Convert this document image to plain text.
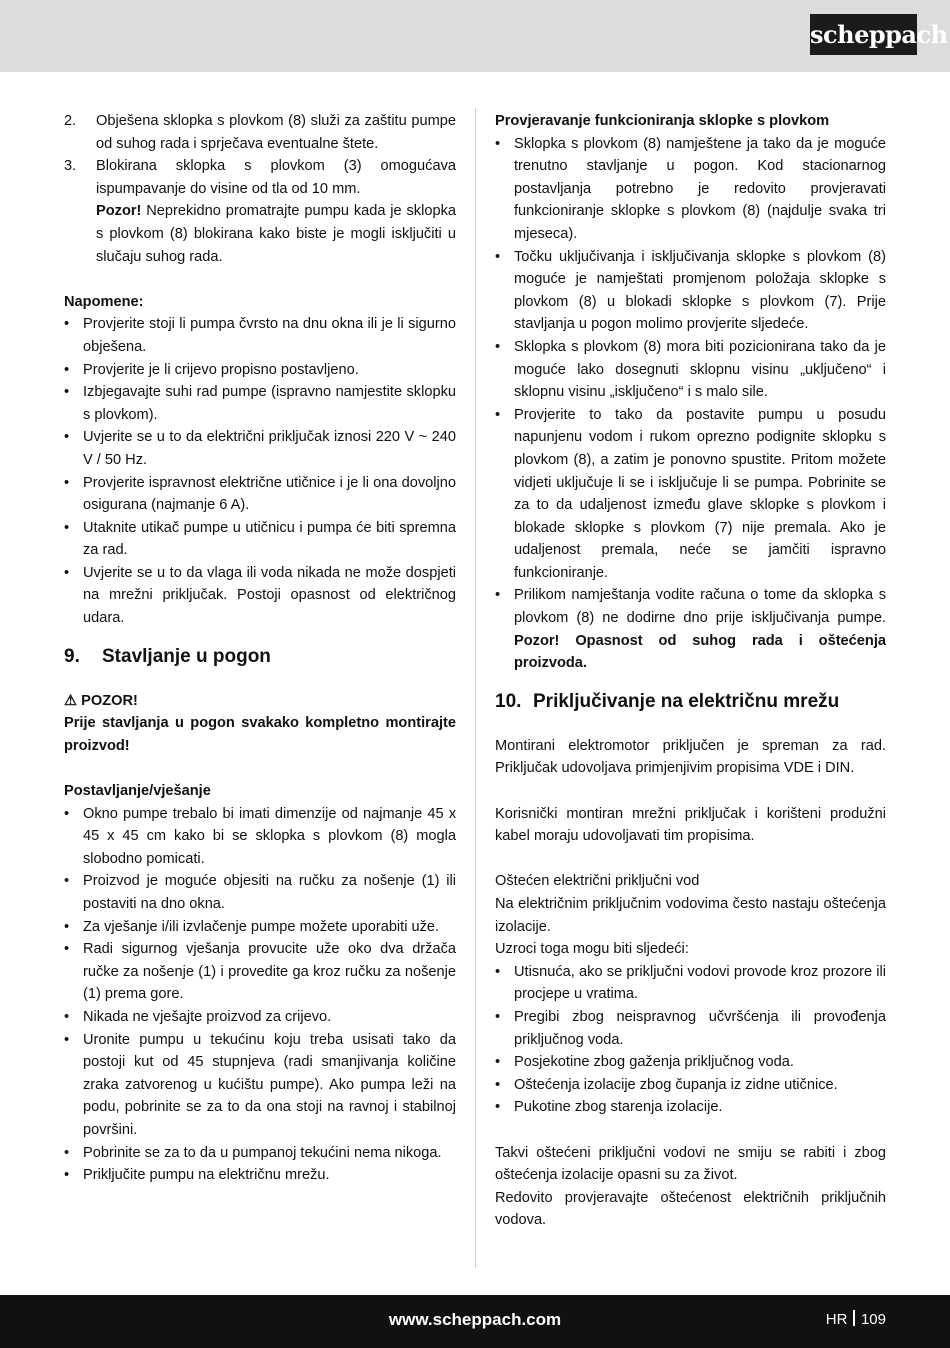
scheppach
2.	Obješena sklopka s plovkom (8) služi za zaštitu pumpe od suhog rada i sprječava eventualne štete.
3.	Blokirana sklopka s plovkom (3) omogućava ispumpavanje do visine od tla od 10 mm.
Pozor! Neprekidno promatrajte pumpu kada je sklopka s plovkom (8) blokirana kako biste je mogli isključiti u slučaju suhog rada.

Napomene:

• Provjerite stoji li pumpa čvrsto na dnu okna ili je li sigurno obješena.
• Provjerite je li crijevo propisno postavljeno.
• Izbjegavajte suhi rad pumpe (ispravno namjestite sklopku s plovkom).
• Uvjerite se u to da električni priključak iznosi 220 V ~ 240 V / 50 Hz.
• Provjerite ispravnost električne utičnice i je li ona dovoljno osigurana (najmanje 6 A).
• Utaknite utikač pumpe u utičnicu i pumpa će biti spremna za rad.
• Uvjerite se u to da vlaga ili voda nikada ne može dospjeti na mrežni priključak. Postoji opasnost od električnog udara.
9.	Stavljanje u pogon

⚠ POZOR!

Prije stavljanja u pogon svakako kompletno montirajte proizvod!

Postavljanje/vješanje

• Okno pumpe trebalo bi imati dimenzije od najmanje 45 x 45 x 45 cm kako bi se sklopka s plovkom (8) mogla slobodno pomicati.
• Proizvod je moguće objesiti na ručku za nošenje (1) ili postaviti na dno okna.
• Za vješanje i/ili izvlačenje pumpe možete uporabiti uže.
• Radi sigurnog vješanja provucite uže oko dva držača ručke za nošenje (1) i provedite ga kroz ručku za nošenje (1) prema gore.
• Nikada ne vješajte proizvod za crijevo.
• Uronite pumpu u tekućinu koju treba usisati tako da postoji kut od 45 stupnjeva (radi smanjivanja količine zraka zatvorenog u kućištu pumpe). Ako pumpa leži na podu, pobrinite se za to da ona stoji na ravnoj i stabilnoj površini.
• Pobrinite se za to da u pumpanoj tekućini nema nikoga.
• Priključite pumpu na električnu mrežu.

Provjeravanje funkcioniranja sklopke s plovkom

• Sklopka s plovkom (8) namještene ja tako da je moguće trenutno stavljanje u pogon. Kod stacionarnog postavljanja potrebno je redovito provjeravati funkcioniranje sklopke s plovkom (8) (najdulje svaka tri mjeseca).
• Točku uključivanja i isključivanja sklopke s plovkom (8) moguće je namještati promjenom položaja sklopke s plovkom (8) u blokadi sklopke s plovkom (7). Prije stavljanja u pogon molimo provjerite sljedeće.
• Sklopka s plovkom (8) mora biti pozicionirana tako da je moguće lako dosegnuti sklopnu visinu „uključeno“ i sklopnu visinu „isključeno“ i s malo sile.
• Provjerite to tako da postavite pumpu u posudu napunjenu vodom i rukom oprezno podignite sklopku s plovkom (8), a zatim je ponovno spustite. Pritom možete vidjeti uključuje li se i isključuje li se pumpa. Pobrinite se za to da udaljenost između glave sklopke s plovkom i blokade sklopke s plovkom (7) nije premala. Ako je udaljenost premala, neće se jamčiti ispravno funkcioniranje.
• Prilikom namještanja vodite računa o tome da sklopka s plovkom (8) ne dodirne dno prije isključivanja pumpe. Pozor! Opasnost od suhog rada i oštećenja proizvoda.
10. Priključivanje na električnu mrežu

Montirani elektromotor priključen je spreman za rad. Priključak udovoljava primjenjivim propisima VDE i DIN.

Korisnički montiran mrežni priključak i korišteni produžni kabel moraju udovoljavati tim propisima.

Oštećen električni priključni vod

Na električnim priključnim vodovima često nastaju oštećenja izolacije.

Uzroci toga mogu biti sljedeći:

• Utisnuća, ako se priključni vodovi provode kroz prozore ili procjepe u vratima.
• Pregibi zbog neispravnog učvršćenja ili provođenja priključnog voda.
• Posjekotine zbog gaženja priključnog voda.
• Oštećenja izolacije zbog čupanja iz zidne utičnice.
• Pukotine zbog starenja izolacije.

Takvi oštećeni priključni vodovi ne smiju se rabiti i zbog oštećenja izolacije opasni su za život.

Redovito provjeravajte oštećenost električnih priključnih vodova.

www.scheppach.com	HR 109
